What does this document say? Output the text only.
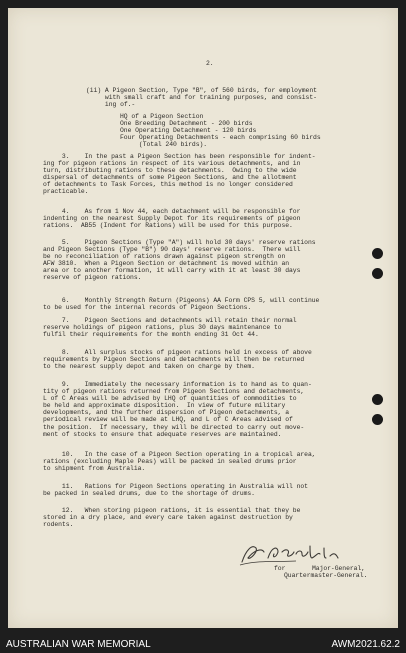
2.
(ii) A Pigeon Section, Type "B", of 560 birds, for employment
with small craft and for training purposes, and consist-
ing of.-
HQ of a Pigeon Section
One Breeding Detachment - 200 birds
One Operating Detachment - 120 birds
Four Operating Detachments - each comprising 60 birds
(Total 240 birds).
3.    In the past a Pigeon Section has been responsible for indent-
ing for pigeon rations in respect of its various detachments, and in
turn, distributing rations to these detachments.  Owing to the wide
dispersal of detachments of some Pigeon Sections, and the allotment
of detachments to Task Forces, this method is no longer considered
practicable.
4.    As from 1 Nov 44, each detachment will be responsible for
indenting on the nearest Supply Depot for its requirements of pigeon
rations.  AB55 (Indent for Rations) will be used for this purpose.
5.    Pigeon Sections (Type "A") will hold 30 days' reserve rations
and Pigeon Sections (Type "B") 90 days' reserve rations.  There will
be no reconciliation of rations drawn against pigeon strength on
AFW 3810.  When a Pigeon Section or detachment is moved within an
area or to another formation, it will carry with it at least 30 days
reserve of pigeon rations.
6.    Monthly Strength Return (Pigeons) AA Form CPS 5, will continue
to be used for the internal records of Pigeon Sections.
7.    Pigeon Sections and detachments will retain their normal
reserve holdings of pigeon rations, plus 30 days maintenance to
fulfil their requirements for the month ending 31 Oct 44.
8.    All surplus stocks of pigeon rations held in excess of above
requirements by Pigeon Sections and detachments will then be returned
to the nearest supply depot and taken on charge by them.
9.    Immediately the necessary information is to hand as to quan-
tity of pigeon rations returned from Pigeon Sections and detachments,
L of C Areas will be advised by LHQ of quantities of commodities to
be held and approximate disposition.  In view of future military
developments, and the further dispersion of Pigeon detachments, a
periodical review will be made at LHQ, and L of C Areas advised of
the position.  If necessary, they will be directed to carry out move-
ment of stocks to ensure that adequate reserves are maintained.
10.   In the case of a Pigeon Section operating in a tropical area,
rations (excluding Maple Peas) will be packed in sealed drums prior
to shipment from Australia.
11.   Rations for Pigeon Sections operating in Australia will not
be packed in sealed drums, due to the shortage of drums.
12.   When storing pigeon rations, it is essential that they be
stored in a dry place, and every care taken against destruction by
rodents.
for	Major-General,
Quartermaster-General.
AUSTRALIAN WAR MEMORIAL	AWM2021.62.2
